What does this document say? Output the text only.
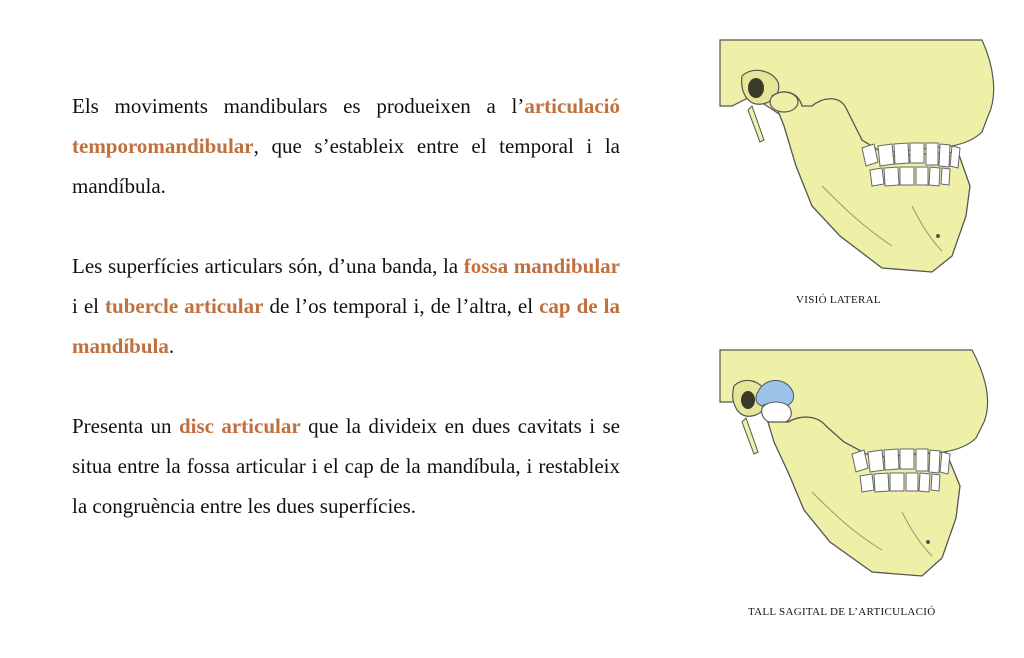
Els moviments mandibulars es produeixen a l’articulació temporomandibular, que s’estableix entre el temporal i la mandíbula.

Les superfícies articulars són, d’una banda, la fossa mandibular i el tubercle articular de l’os temporal i, de l’altra, el cap de la mandíbula.

Presenta un disc articular que la divideix en dues cavitats i se situa entre la fossa articular i el cap de la mandíbula, i restableix la congruència entre les dues superfícies.

VISIÓ LATERAL
TALL SAGITAL DE L’ARTICULACIÓ
